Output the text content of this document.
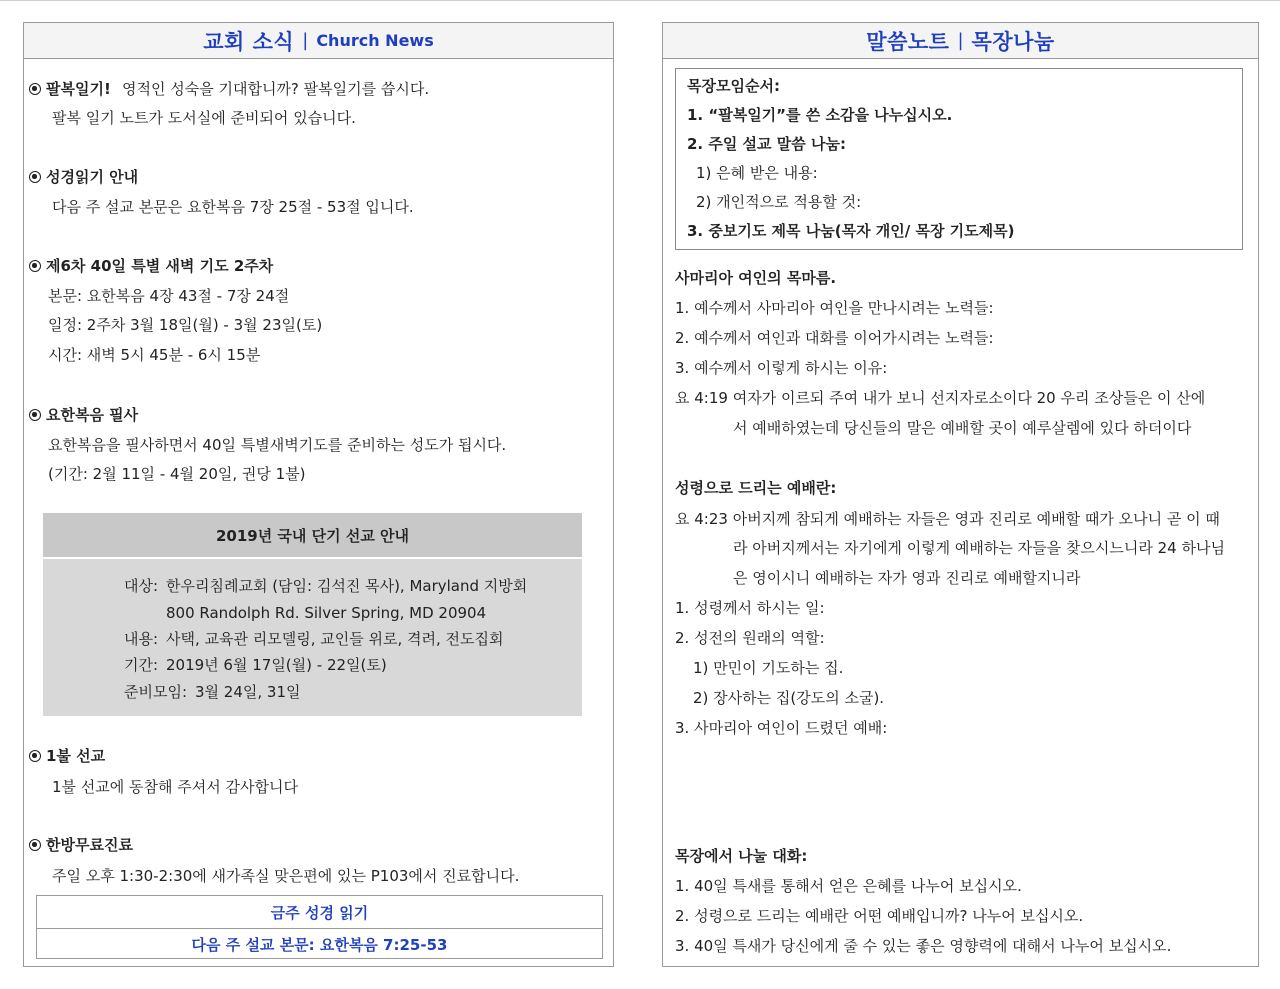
교회 소식 | Church News
팔복일기! 영적인 성숙을 기대합니까? 팔복일기를 씁시다.
팔복 일기 노트가 도서실에 준비되어 있습니다.
성경읽기 안내
다음 주 설교 본문은 요한복음 7장 25절 - 53절 입니다.
제6차 40일 특별 새벽 기도 2주차
본문: 요한복음 4장 43절 - 7장 24절
일정: 2주차 3월 18일(월) - 3월 23일(토)
시간: 새벽 5시 45분 - 6시 15분
요한복음 필사
요한복음을 필사하면서 40일 특별새벽기도를 준비하는 성도가 됩시다.
(기간: 2월 11일 - 4월 20일, 권당 1불)
2019년 국내 단기 선교 안내
대상: 한우리침례교회 (담임: 김석진 목사), Maryland 지방회
800 Randolph Rd. Silver Spring, MD 20904
내용: 사택, 교육관 리모델링, 교인들 위로, 격려, 전도집회
기간: 2019년 6월 17일(월) - 22일(토)
준비모임: 3월 24일, 31일
1불 선교
1불 선교에 동참해 주셔서 감사합니다
한방무료진료
주일 오후 1:30-2:30에 새가족실 맞은편에 있는 P103에서 진료합니다.
금주 성경 읽기
다음 주 설교 본문: 요한복음 7:25-53
말씀노트 | 목장나눔
목장모임순서:
1. “팔복일기”를 쓴 소감을 나누십시오.
2. 주일 설교 말씀 나눔:
1) 은혜 받은 내용:
2) 개인적으로 적용할 것:
3. 중보기도 제목 나눔(목자 개인/ 목장 기도제목)
사마리아 여인의 목마름.
1. 예수께서 사마리아 여인을 만나시려는 노력들:
2. 예수께서 여인과 대화를 이어가시려는 노력들:
3. 예수께서 이렇게 하시는 이유:
요 4:19 여자가 이르되 주여 내가 보니 선지자로소이다 20 우리 조상들은 이 산에
서 예배하였는데 당신들의 말은 예배할 곳이 예루살렘에 있다 하더이다
성령으로 드리는 예배란:
요 4:23 아버지께 참되게 예배하는 자들은 영과 진리로 예배할 때가 오나니 곧 이 때
라 아버지께서는 자기에게 이렇게 예배하는 자들을 찾으시느니라 24 하나님
은 영이시니 예배하는 자가 영과 진리로 예배할지니라
1. 성령께서 하시는 일:
2. 성전의 원래의 역할:
1) 만민이 기도하는 집.
2) 장사하는 집(강도의 소굴).
3. 사마리아 여인이 드렸던 예배:
목장에서 나눌 대화:
1. 40일 특새를 통해서 얻은 은혜를 나누어 보십시오.
2. 성령으로 드리는 예배란 어떤 예배입니까? 나누어 보십시오.
3. 40일 특새가 당신에게 줄 수 있는 좋은 영향력에 대해서 나누어 보십시오.
